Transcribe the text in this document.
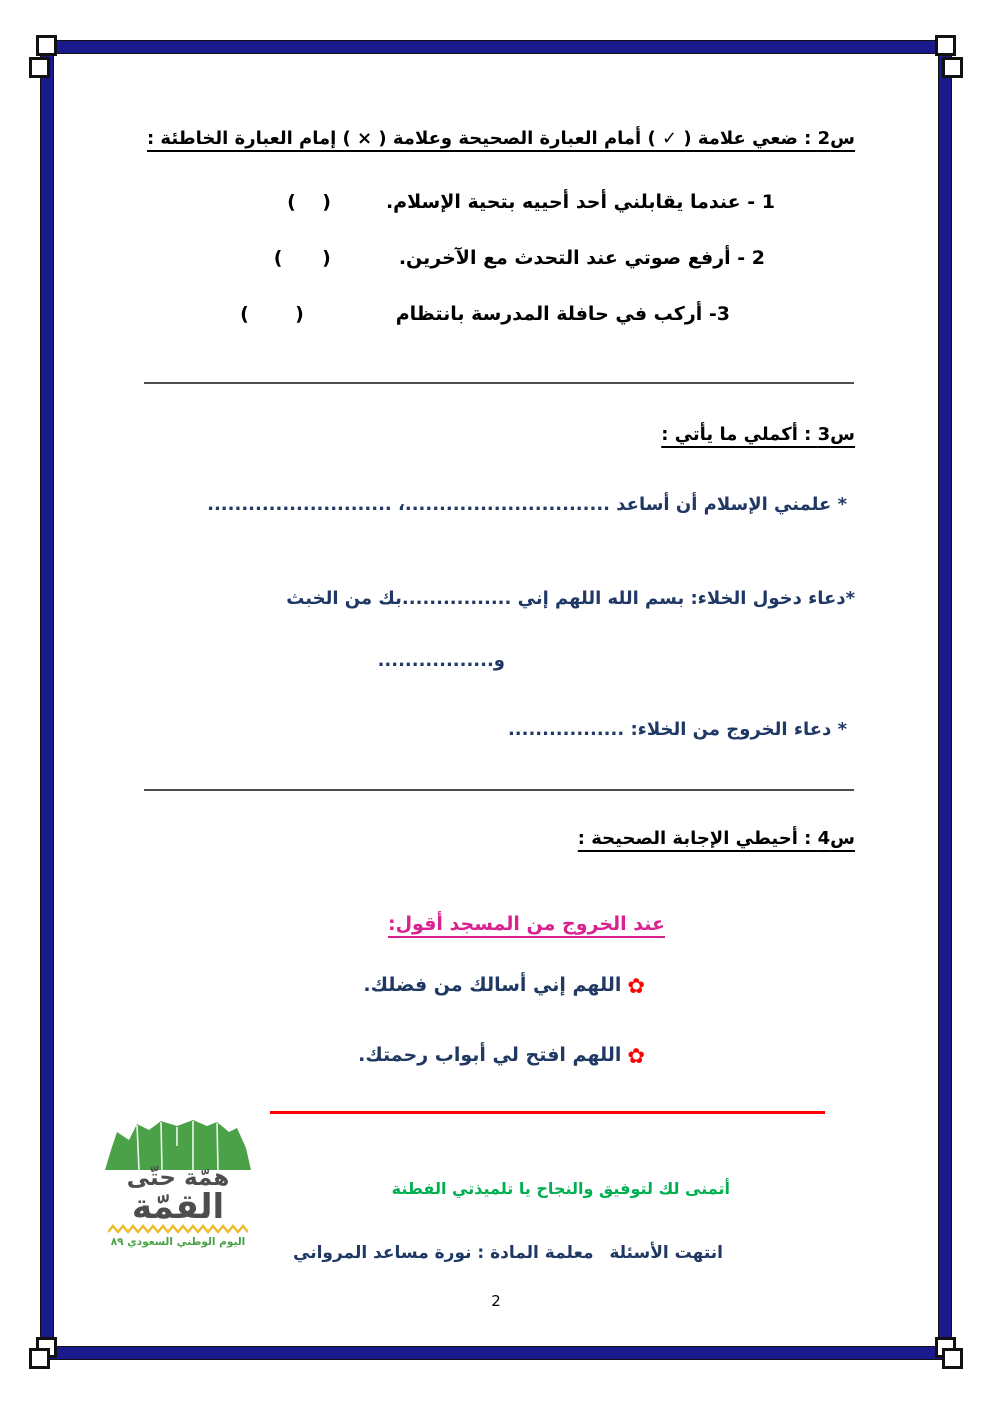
س2 : ضعي علامة ( ✓ ) أمام العبارة الصحيحة وعلامة ( × ) إمام العبارة الخاطئة :
1 - عندما يقابلني أحد أحييه بتحية الإسلام.(    )
2 - أرفع صوتي عند التحدث مع الآخرين.(      )
3- أركب في حافلة المدرسة بانتظام(       )
س3 : أكملي ما يأتي :
* علمني الإسلام أن أساعد ..............................، ...........................
*دعاء دخول الخلاء: بسم الله اللهم إني ................بك من الخبث
و.................
* دعاء الخروج من الخلاء: .................
س4 : أحيطي الإجابة الصحيحة :
عند الخروج من المسجد أقول:
✿اللهم إني أسالك من فضلك.
✿اللهم افتح لي أبواب رحمتك.
همّة حتّى
القمّة
اليوم الوطني السعودي ٨٩
أتمنى لك لتوفيق والنجاح يا تلميذتي الفطنة
انتهت الأسئلة
معلمة المادة : نورة مساعد المرواني
2
